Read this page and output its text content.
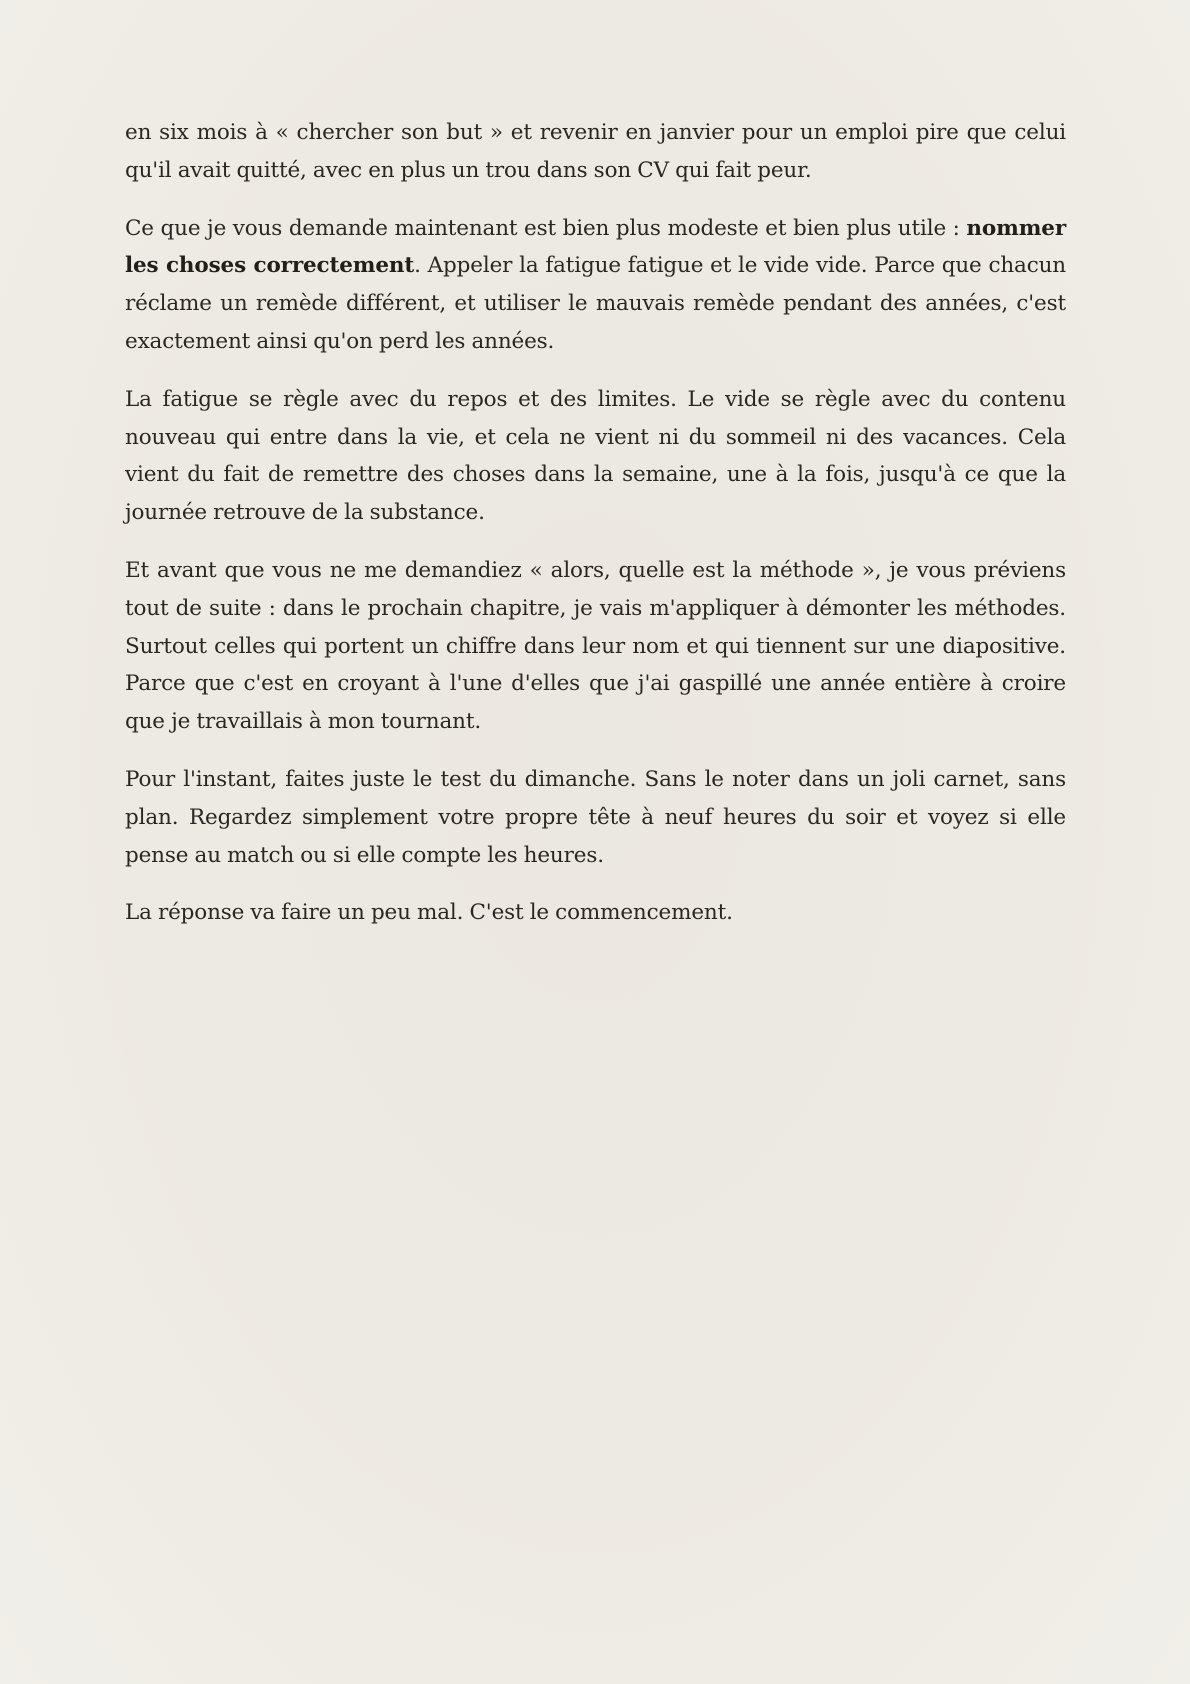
en six mois à « chercher son but » et revenir en janvier pour un emploi pire que celui qu'il avait quitté, avec en plus un trou dans son CV qui fait peur.

Ce que je vous demande maintenant est bien plus modeste et bien plus utile : nommer les choses correctement. Appeler la fatigue fatigue et le vide vide. Parce que chacun réclame un remède différent, et utiliser le mauvais remède pendant des années, c'est exactement ainsi qu'on perd les années.

La fatigue se règle avec du repos et des limites. Le vide se règle avec du contenu nouveau qui entre dans la vie, et cela ne vient ni du sommeil ni des vacances. Cela vient du fait de remettre des choses dans la semaine, une à la fois, jusqu'à ce que la journée retrouve de la substance.

Et avant que vous ne me demandiez « alors, quelle est la méthode », je vous préviens tout de suite : dans le prochain chapitre, je vais m'appliquer à démonter les méthodes. Surtout celles qui portent un chiffre dans leur nom et qui tiennent sur une diapositive. Parce que c'est en croyant à l'une d'elles que j'ai gaspillé une année entière à croire que je travaillais à mon tournant.

Pour l'instant, faites juste le test du dimanche. Sans le noter dans un joli carnet, sans plan. Regardez simplement votre propre tête à neuf heures du soir et voyez si elle pense au match ou si elle compte les heures.

La réponse va faire un peu mal. C'est le commencement.
